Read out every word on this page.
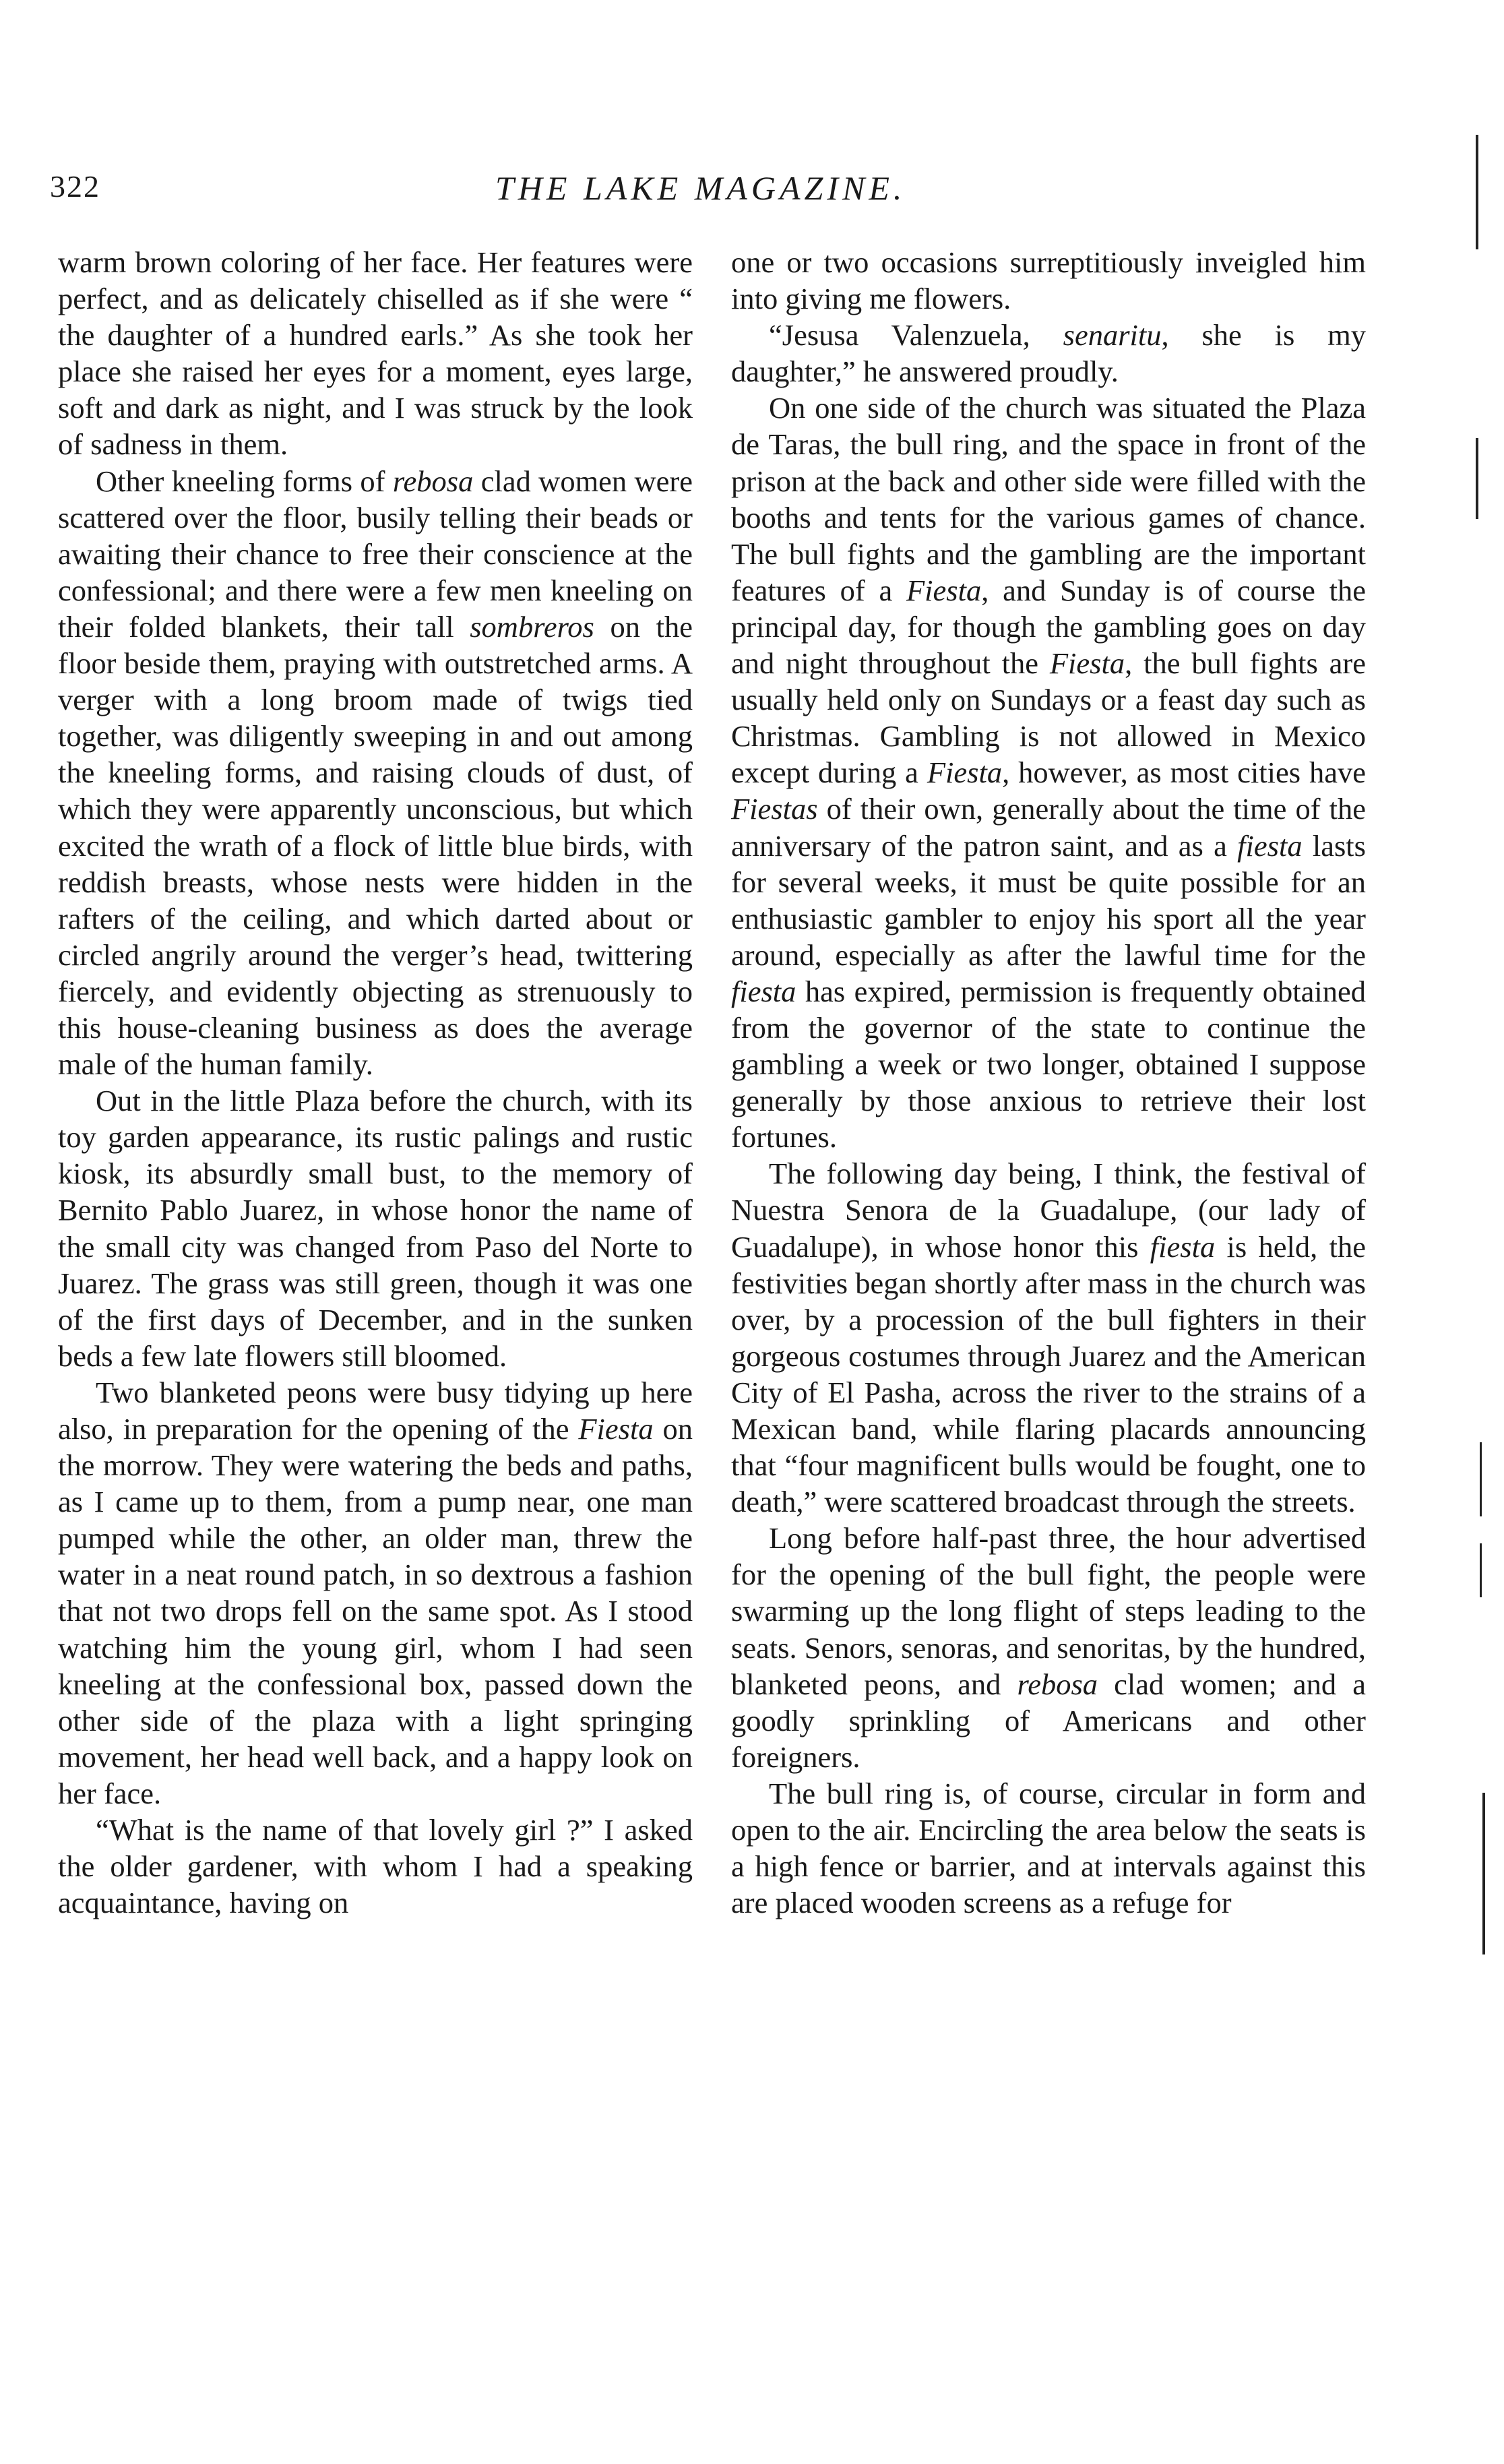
322	THE LAKE MAGAZINE.

warm brown coloring of her face. Her features were perfect, and as delicately chiselled as if she were “ the daughter of a hundred earls.” As she took her place she raised her eyes for a moment, eyes large, soft and dark as night, and I was struck by the look of sadness in them.

Other kneeling forms of rebosa clad women were scattered over the floor, busily telling their beads or awaiting their chance to free their conscience at the confessional; and there were a few men kneeling on their folded blankets, their tall sombreros on the floor beside them, praying with outstretched arms. A verger with a long broom made of twigs tied together, was diligently sweeping in and out among the kneeling forms, and raising clouds of dust, of which they were apparently unconscious, but which excited the wrath of a flock of little blue birds, with reddish breasts, whose nests were hidden in the rafters of the ceiling, and which darted about or circled angrily around the verger’s head, twittering fiercely, and evidently objecting as strenuously to this house-cleaning business as does the average male of the human family.

Out in the little Plaza before the church, with its toy garden appearance, its rustic palings and rustic kiosk, its absurdly small bust, to the memory of Bernito Pablo Juarez, in whose honor the name of the small city was changed from Paso del Norte to Juarez. The grass was still green, though it was one of the first days of December, and in the sunken beds a few late flowers still bloomed.

Two blanketed peons were busy tidying up here also, in preparation for the opening of the Fiesta on the morrow. They were watering the beds and paths, as I came up to them, from a pump near, one man pumped while the other, an older man, threw the water in a neat round patch, in so dextrous a fashion that not two drops fell on the same spot. As I stood watching him the young girl, whom I had seen kneeling at the confessional box, passed down the other side of the plaza with a light springing movement, her head well back, and a happy look on her face.

“What is the name of that lovely girl ?” I asked the older gardener, with whom I had a speaking acquaintance, having on

one or two occasions surreptitiously inveigled him into giving me flowers.

“Jesusa Valenzuela, senaritu, she is my daughter,” he answered proudly.

On one side of the church was situated the Plaza de Taras, the bull ring, and the space in front of the prison at the back and other side were filled with the booths and tents for the various games of chance. The bull fights and the gambling are the important features of a Fiesta, and Sunday is of course the principal day, for though the gambling goes on day and night throughout the Fiesta, the bull fights are usually held only on Sundays or a feast day such as Christmas. Gambling is not allowed in Mexico except during a Fiesta, however, as most cities have Fiestas of their own, generally about the time of the anniversary of the patron saint, and as a fiesta lasts for several weeks, it must be quite possible for an enthusiastic gambler to enjoy his sport all the year around, especially as after the lawful time for the fiesta has expired, permission is frequently obtained from the governor of the state to continue the gambling a week or two longer, obtained I suppose generally by those anxious to retrieve their lost fortunes.

The following day being, I think, the festival of Nuestra Senora de la Guadalupe, (our lady of Guadalupe), in whose honor this fiesta is held, the festivities began shortly after mass in the church was over, by a procession of the bull fighters in their gorgeous costumes through Juarez and the American City of El Pasha, across the river to the strains of a Mexican band, while flaring placards announcing that “four magnificent bulls would be fought, one to death,” were scattered broadcast through the streets.

Long before half-past three, the hour advertised for the opening of the bull fight, the people were swarming up the long flight of steps leading to the seats. Senors, senoras, and senoritas, by the hundred, blanketed peons, and rebosa clad women; and a goodly sprinkling of Americans and other foreigners.

The bull ring is, of course, circular in form and open to the air. Encircling the area below the seats is a high fence or barrier, and at intervals against this are placed wooden screens as a refuge for
